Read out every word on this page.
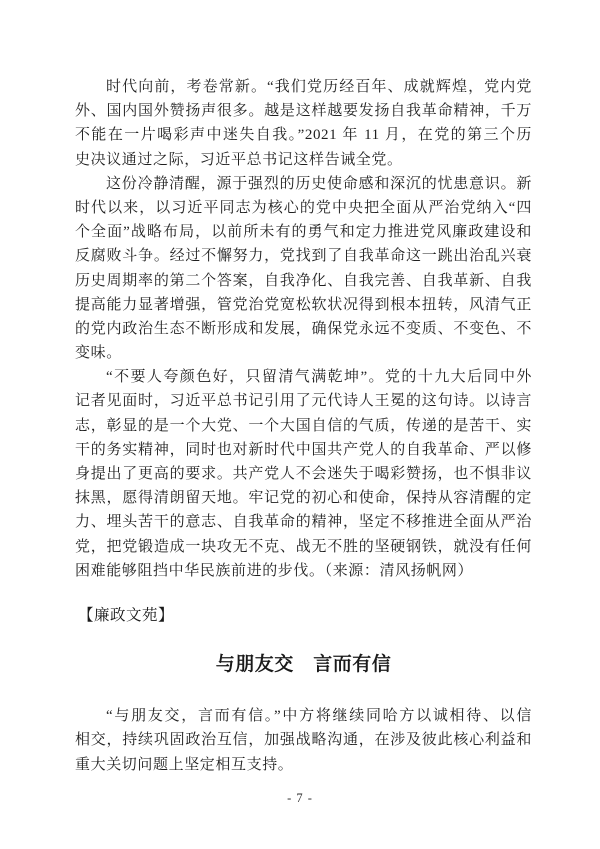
时代向前，考卷常新。“我们党历经百年、成就辉煌，党内党
外、国内国外赞扬声很多。越是这样越要发扬自我革命精神，千万
不能在一片喝彩声中迷失自我。”2021 年 11 月，在党的第三个历
史决议通过之际，习近平总书记这样告诫全党。
这份冷静清醒，源于强烈的历史使命感和深沉的忧患意识。新
时代以来，以习近平同志为核心的党中央把全面从严治党纳入“四
个全面”战略布局，以前所未有的勇气和定力推进党风廉政建设和
反腐败斗争。经过不懈努力，党找到了自我革命这一跳出治乱兴衰
历史周期率的第二个答案，自我净化、自我完善、自我革新、自我
提高能力显著增强，管党治党宽松软状况得到根本扭转，风清气正
的党内政治生态不断形成和发展，确保党永远不变质、不变色、不
变味。
“不要人夸颜色好，只留清气满乾坤”。党的十九大后同中外
记者见面时，习近平总书记引用了元代诗人王冕的这句诗。以诗言
志，彰显的是一个大党、一个大国自信的气质，传递的是苦干、实
干的务实精神，同时也对新时代中国共产党人的自我革命、严以修
身提出了更高的要求。共产党人不会迷失于喝彩赞扬，也不惧非议
抹黑，愿得清朗留天地。牢记党的初心和使命，保持从容清醒的定
力、埋头苦干的意志、自我革命的精神，坚定不移推进全面从严治
党，把党锻造成一块攻无不克、战无不胜的坚硬钢铁，就没有任何
困难能够阻挡中华民族前进的步伐。（来源：清风扬帆网）
【廉政文苑】
与朋友交　言而有信
“与朋友交，言而有信。”中方将继续同哈方以诚相待、以信
相交，持续巩固政治互信，加强战略沟通，在涉及彼此核心利益和
重大关切问题上坚定相互支持。
- 7 -
